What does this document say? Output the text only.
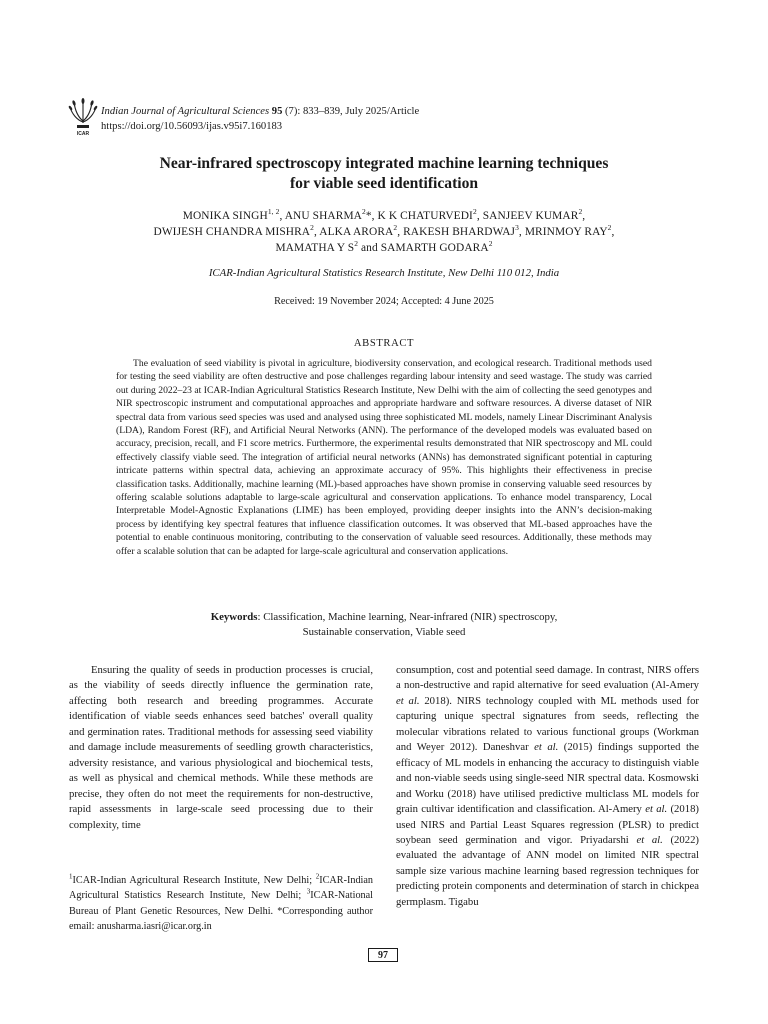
ICAR
Indian Journal of Agricultural Sciences 95 (7): 833–839, July 2025/Article
https://doi.org/10.56093/ijas.v95i7.160183
Near-infrared spectroscopy integrated machine learning techniques
for viable seed identification
MONIKA SINGH$^{1, 2}$, ANU SHARMA$^2$*, K K CHATURVEDI$^2$, SANJEEV KUMAR$^2$,
DWIJESH CHANDRA MISHRA$^2$, ALKA ARORA$^2$, RAKESH BHARDWAJ$^3$, MRINMOY RAY$^2$,
MAMATHA Y $S^2$ and SAMARTH GODARA$^2$
ICAR-Indian Agricultural Statistics Research Institute, New Delhi 110 012, India
Received: 19 November 2024; Accepted: 4 June 2025
ABSTRACT
The evaluation of seed viability is pivotal in agriculture, biodiversity conservation, and ecological research. Traditional methods used for testing the seed viability are often destructive and pose challenges regarding labour intensity and seed wastage. The study was carried out during 2022–23 at ICAR-Indian Agricultural Statistics Research Institute, New Delhi with the aim of collecting the seed genotypes and NIR spectroscopic instrument and computational approaches and appropriate hardware and software resources. A diverse dataset of NIR spectral data from various seed species was used and analysed using three sophisticated ML models, namely Linear Discriminant Analysis (LDA), Random Forest (RF), and Artificial Neural Networks (ANN). The performance of the developed models was evaluated based on accuracy, precision, recall, and F1 score metrics. Furthermore, the experimental results demonstrated that NIR spectroscopy and ML could effectively classify viable seed. The integration of artificial neural networks (ANNs) has demonstrated significant potential in capturing intricate patterns within spectral data, achieving an approximate accuracy of 95%. This highlights their effectiveness in precise classification tasks. Additionally, machine learning (ML)-based approaches have shown promise in conserving valuable seed resources by offering scalable solutions adaptable to large-scale agricultural and conservation applications. To enhance model transparency, Local Interpretable Model-Agnostic Explanations (LIME) has been employed, providing deeper insights into the ANN’s decision-making process by identifying key spectral features that influence classification outcomes. It was observed that ML-based approaches have the potential to enable continuous monitoring, contributing to the conservation of valuable seed resources. Additionally, these methods may offer a scalable solution that can be adapted for large-scale agricultural and conservation applications.
Keywords: Classification, Machine learning, Near-infrared (NIR) spectroscopy,
Sustainable conservation, Viable seed
Ensuring the quality of seeds in production processes is crucial, as the viability of seeds directly influence the germination rate, affecting both research and breeding programmes. Accurate identification of viable seeds enhances seed batches' overall quality and germination rates. Traditional methods for assessing seed viability and damage include measurements of seedling growth characteristics, adversity resistance, and various physiological and biochemical tests, as well as physical and chemical methods. While these methods are precise, they often do not meet the requirements for non-destructive, rapid assessments in large-scale seed processing due to their complexity, time
consumption, cost and potential seed damage. In contrast, NIRS offers a non-destructive and rapid alternative for seed evaluation (Al-Amery et al. 2018). NIRS technology coupled with ML methods used for capturing unique spectral signatures from seeds, reflecting the molecular vibrations related to various functional groups (Workman and Weyer 2012). Daneshvar et al. (2015) findings supported the efficacy of ML models in enhancing the accuracy to distinguish viable and non-viable seeds using single-seed NIR spectral data. Kosmowski and Worku (2018) have utilised predictive multiclass ML models for grain cultivar identification and classification. Al-Amery et al. (2018) used NIRS and Partial Least Squares regression (PLSR) to predict soybean seed germination and vigor. Priyadarshi et al. (2022) evaluated the advantage of ANN model on limited NIR spectral sample size various machine learning based regression techniques for predicting protein components and determination of starch in chickpea germplasm. Tigabu
$^1$ICAR-Indian Agricultural Research Institute, New Delhi; $^2$ICAR-Indian Agricultural Statistics Research Institute, New Delhi; $^3$ICAR-National Bureau of Plant Genetic Resources, New Delhi. *Corresponding author email: anusharma.iasri@icar.org.in
97
